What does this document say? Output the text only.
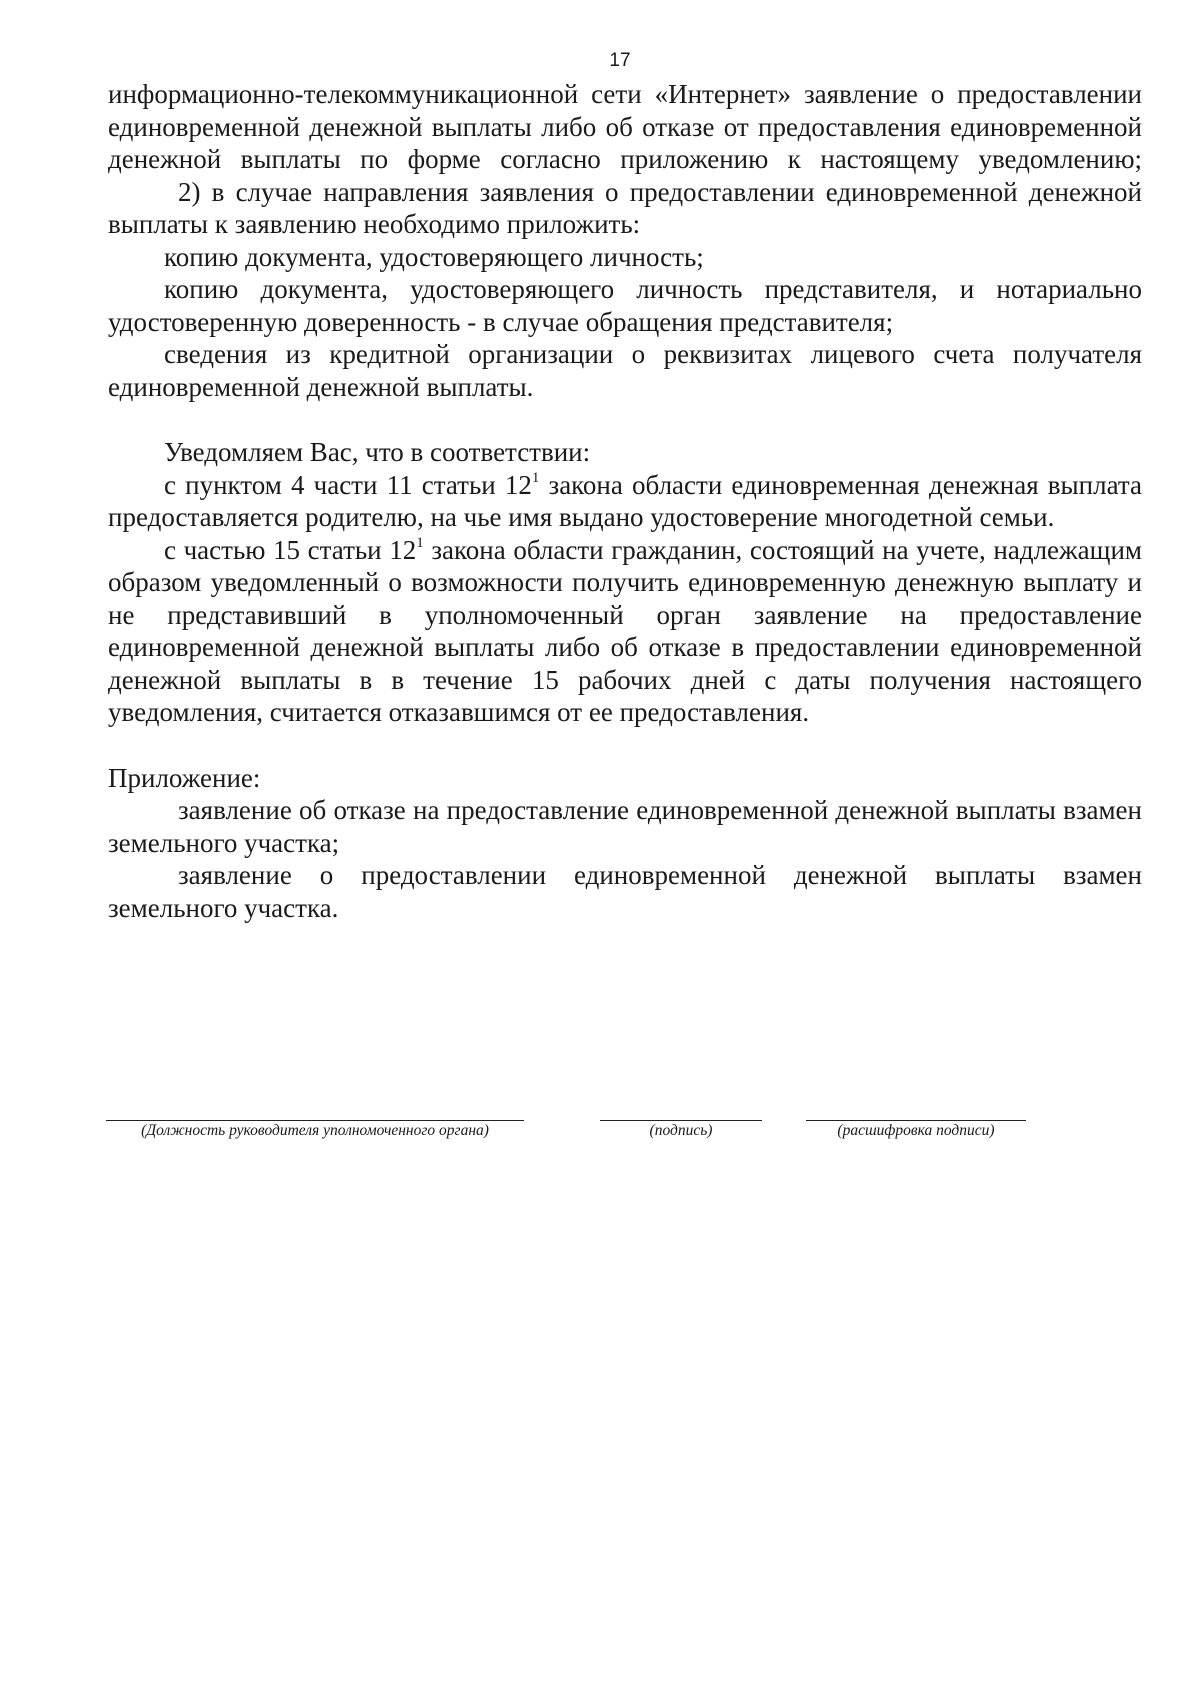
17

информационно-телекоммуникационной сети «Интернет» заявление о предоставлении единовременной денежной выплаты либо об отказе от предоставления единовременной денежной выплаты по форме согласно приложению к настоящему уведомлению;

2) в случае направления заявления о предоставлении единовременной денежной выплаты к заявлению необходимо приложить:

копию документа, удостоверяющего личность;

копию документа, удостоверяющего личность представителя, и нотариально удостоверенную доверенность - в случае обращения представителя;

сведения из кредитной организации о реквизитах лицевого счета получателя единовременной денежной выплаты.

Уведомляем Вас, что в соответствии:

с пунктом 4 части 11 статьи $12^1$ закона области единовременная денежная выплата предоставляется родителю, на чье имя выдано удостоверение многодетной семьи.

с частью 15 статьи $12^1$ закона области гражданин, состоящий на учете, надлежащим образом уведомленный о возможности получить единовременную денежную выплату и не представивший в уполномоченный орган заявление на предоставление единовременной денежной выплаты либо об отказе в предоставлении единовременной денежной выплаты в в течение 15 рабочих дней с даты получения настоящего уведомления, считается отказавшимся от ее предоставления.

Приложение:

заявление об отказе на предоставление единовременной денежной выплаты взамен земельного участка;

заявление о предоставлении единовременной денежной выплаты взамен земельного участка.

(Должность руководителя уполномоченного органа)	(подпись)	(расшифровка подписи)
